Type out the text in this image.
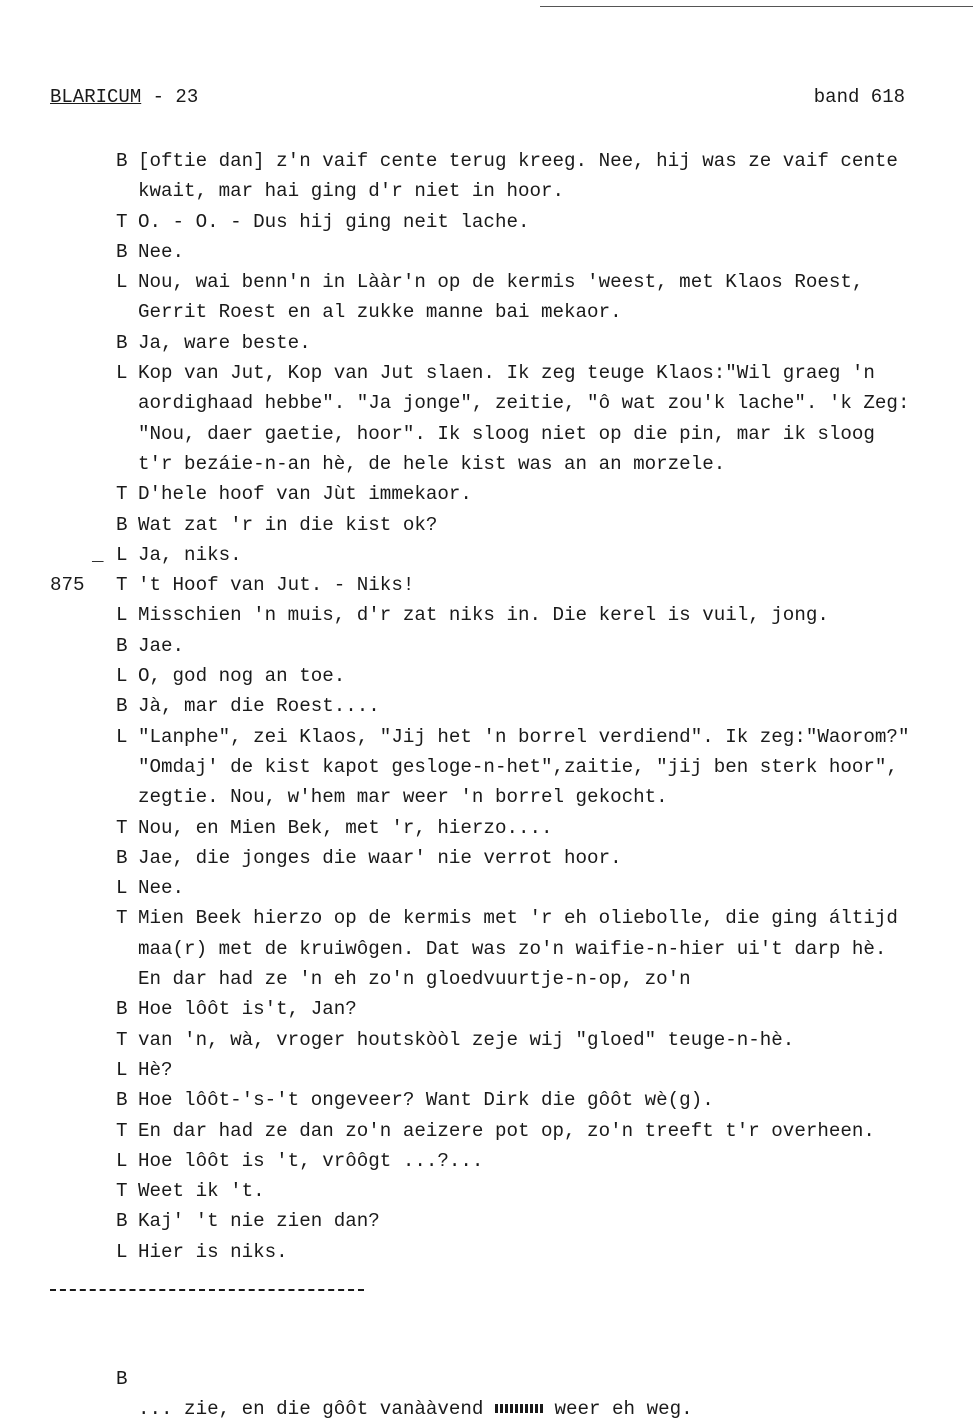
BLARICUM - 23	band 618
B [oftie dan] z'n vaif cente terug kreeg. Nee, hij was ze vaif cente
kwait, mar hai ging d'r niet in hoor.
T O. - O. - Dus hij ging neit lache.
B Nee.
L Nou, wai benn'n in Lààr'n op de kermis 'weest, met Klaos Roest,
Gerrit Roest en al zukke manne bai mekaor.
B Ja, ware beste.
L Kop van Jut, Kop van Jut slaen. Ik zeg teuge Klaos:"Wil graeg 'n
aordighaad hebbe". "Ja jonge", zeitie, "ô wat zou'k lache". 'k Zeg:
"Nou, daer gaetie, hoor". Ik sloog niet op die pin, mar ik sloog
t'r bezáie-n-an hè, de hele kist was an an morzele.
T D'hele hoof van Jùt immekaor.
B Wat zat 'r in die kist ok?
_ L Ja, niks.
875 T 't Hoof van Jut. - Niks!
L Misschien 'n muis, d'r zat niks in. Die kerel is vuil, jong.
B Jae.
L O, god nog an toe.
B Jà, mar die Roest....
L "Lanphe", zei Klaos, "Jij het 'n borrel verdiend". Ik zeg:"Waorom?"
"Omdaj' de kist kapot gesloge-n-het",zaitie, "jij ben sterk hoor",
zegtie. Nou, w'hem mar weer 'n borrel gekocht.
T Nou, en Mien Bek, met 'r, hierzo....
B Jae, die jonges die waar' nie verrot hoor.
L Nee.
T Mien Beek hierzo op de kermis met 'r eh oliebolle, die ging áltijd
maa(r) met de kruiwôgen. Dat was zo'n waifie-n-hier ui't darp hè.
En dar had ze 'n eh zo'n gloedvuurtje-n-op, zo'n
B Hoe lôôt is't, Jan?
T van 'n, wà, vroger houtskòòl zeje wij "gloed" teuge-n-hè.
L Hè?
B Hoe lôôt-'s-'t ongeveer? Want Dirk die gôôt wè(g).
T En dar had ze dan zo'n aeizere pot op, zo'n treeft t'r overheen.
L Hoe lôôt is 't, vrôôgt ...?...
T Weet ik 't.
B Kaj' 't nie zien dan?
L Hier is niks.

B

... zie, en die gôôt vanààvend	weer eh weg.
